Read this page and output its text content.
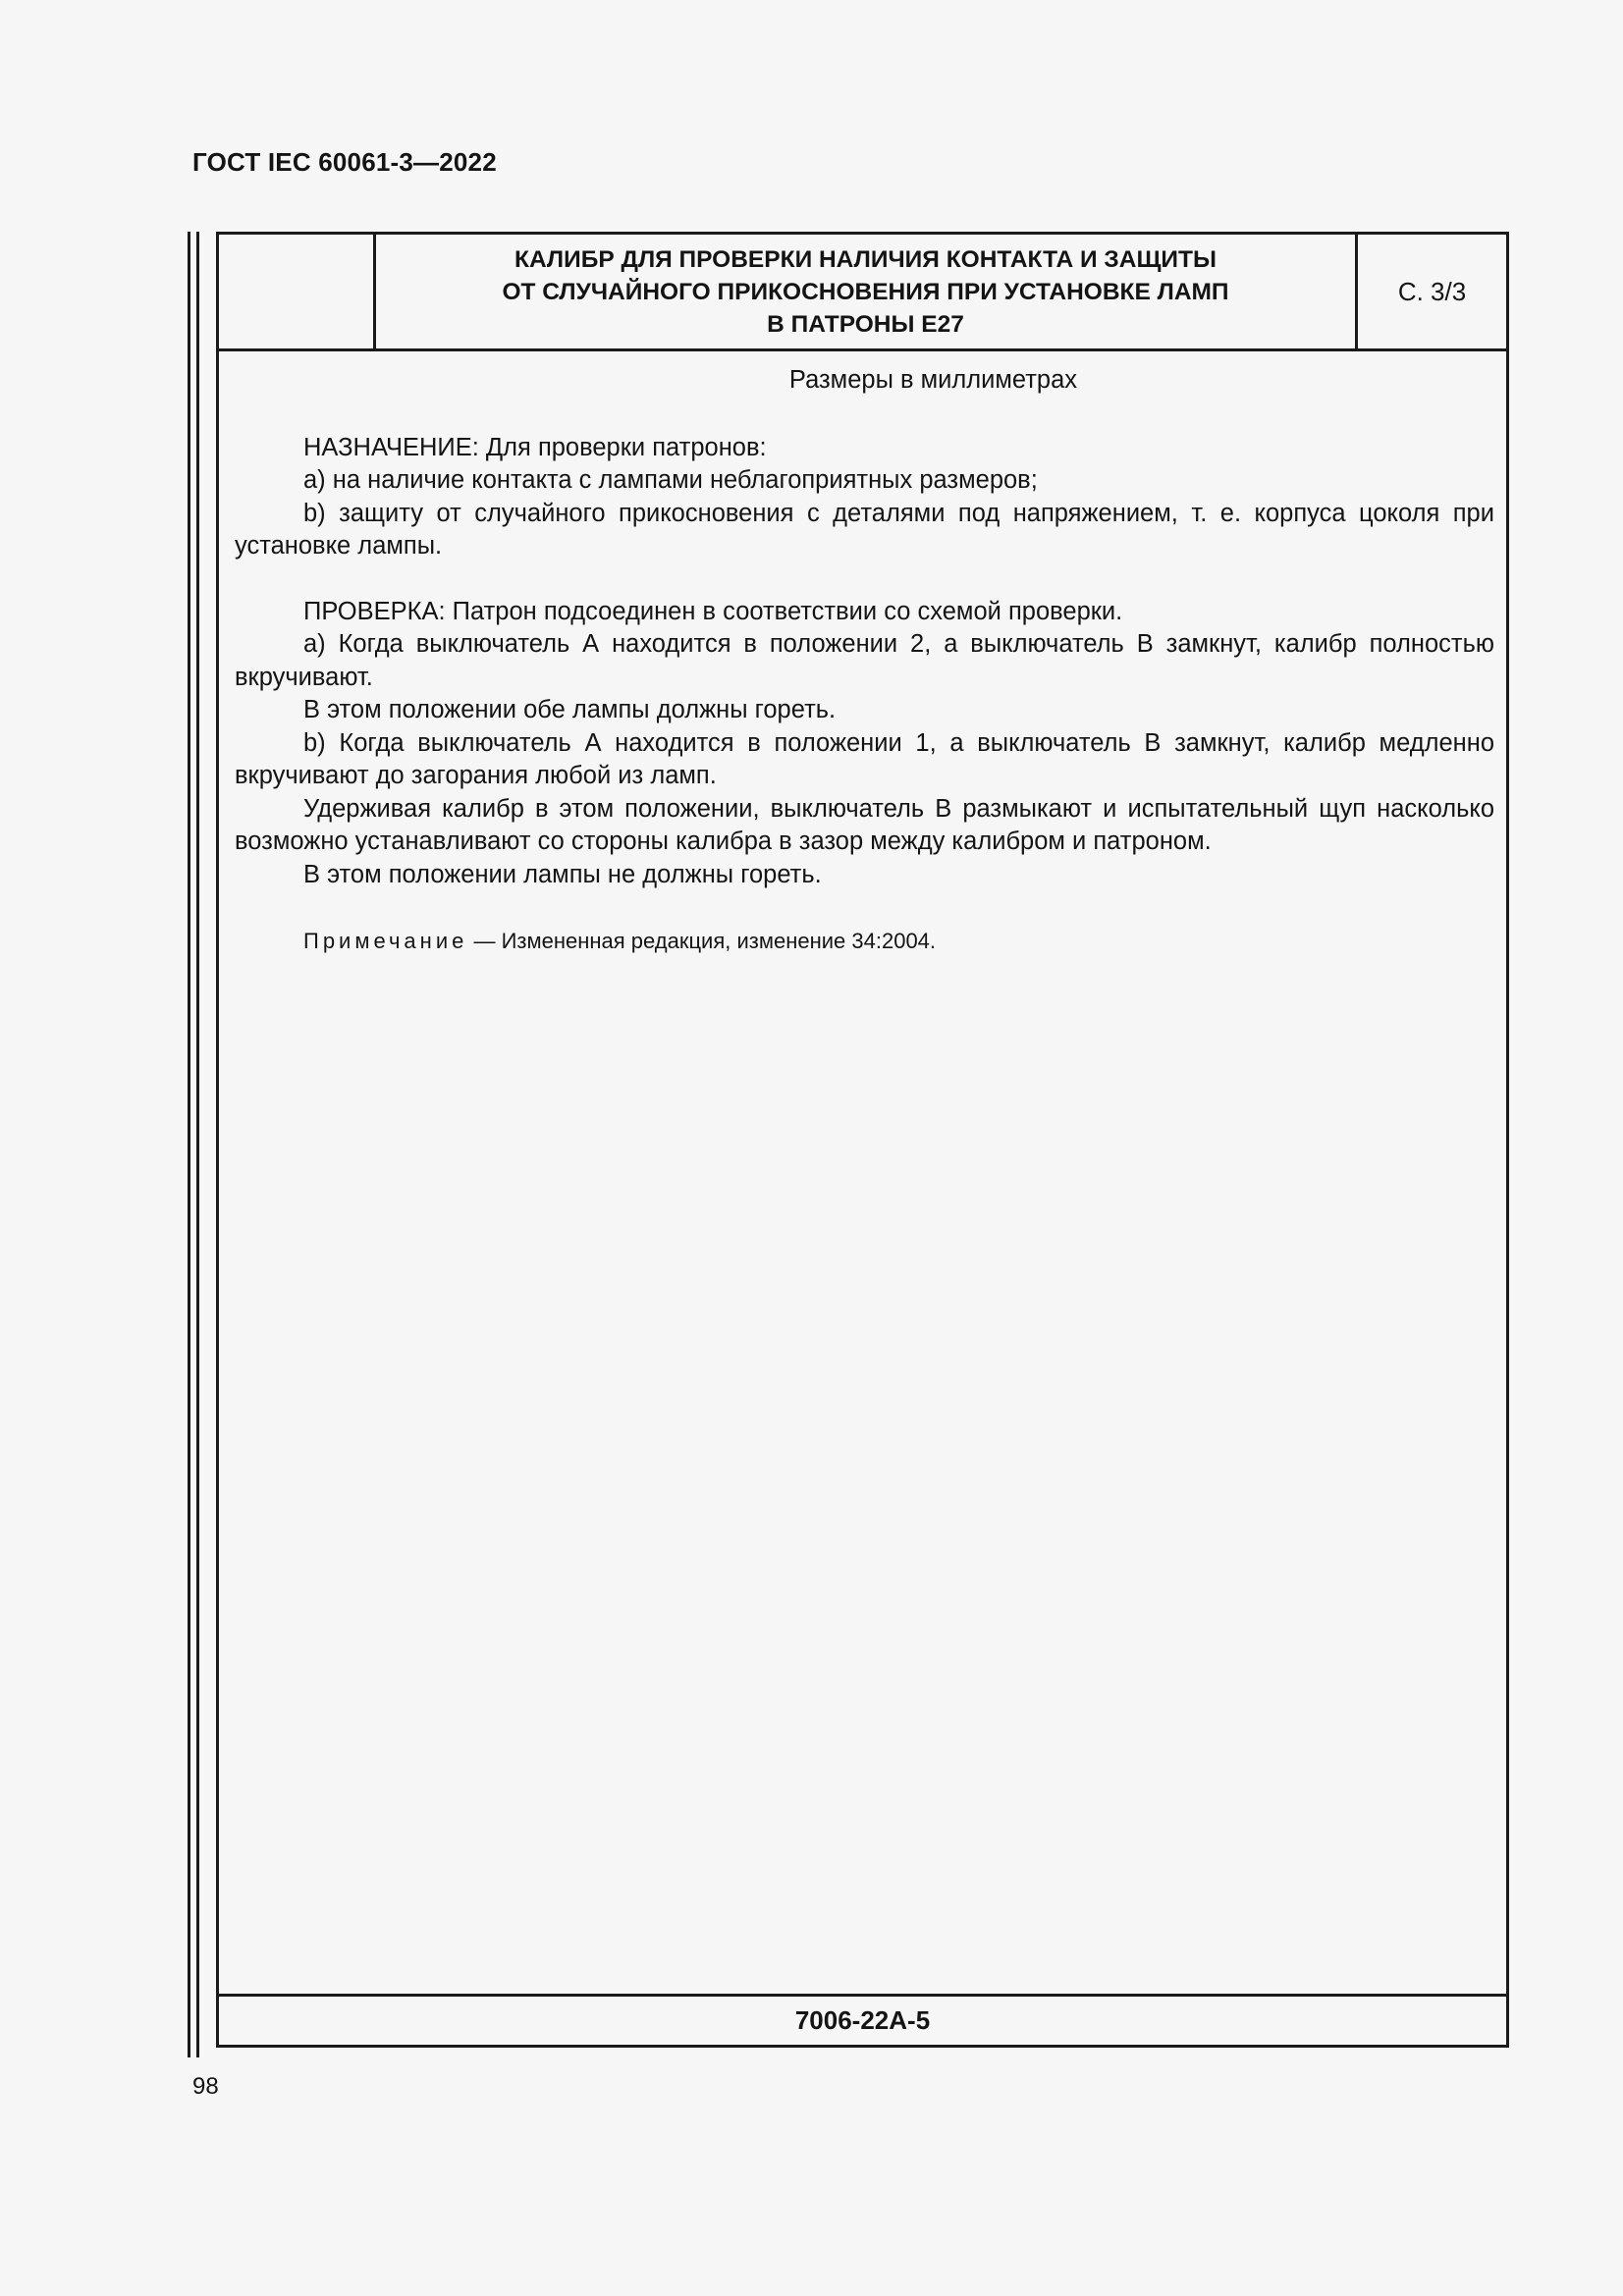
ГОСТ IEC 60061-3—2022
КАЛИБР ДЛЯ ПРОВЕРКИ НАЛИЧИЯ КОНТАКТА И ЗАЩИТЫ
ОТ СЛУЧАЙНОГО ПРИКОСНОВЕНИЯ ПРИ УСТАНОВКЕ ЛАМП
В ПАТРОНЫ E27
С. 3/3
Размеры в миллиметрах

НАЗНАЧЕНИЕ: Для проверки патронов:

a) на наличие контакта с лампами неблагоприятных размеров;

b) защиту от случайного прикосновения с деталями под напряжением, т. е. корпуса цоколя при установке лампы.

ПРОВЕРКА: Патрон подсоединен в соответствии со схемой проверки.

a) Когда выключатель А находится в положении 2, а выключатель В замкнут, калибр полностью вкручивают.

В этом положении обе лампы должны гореть.

b) Когда выключатель А находится в положении 1, а выключатель В замкнут, калибр медленно вкручивают до загорания любой из ламп.

Удерживая калибр в этом положении, выключатель В размыкают и испытательный щуп насколько возможно устанавливают со стороны калибра в зазор между калибром и патроном.

В этом положении лампы не должны гореть.

Примечание — Измененная редакция, изменение 34:2004.
7006-22А-5
98
